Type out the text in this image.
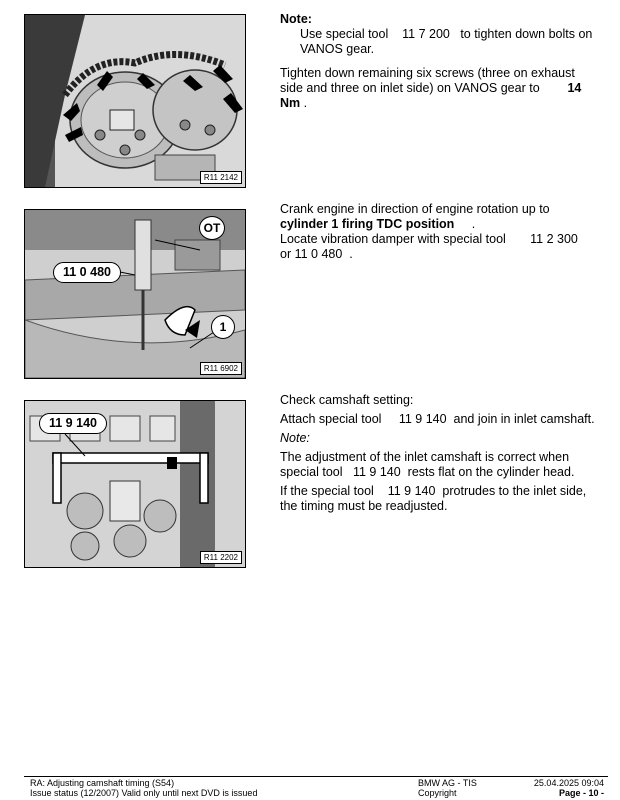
R11 2142

Note:

Use special tool 11 7 200 to tighten down bolts on VANOS gear.

Tighten down remaining six screws (three on exhaust side and three on inlet side) on VANOS gear to 14 Nm .

11 0 480
OT
1
R11 6902

Crank engine in direction of engine rotation up to cylinder 1 firing TDC position .

Locate vibration damper with special tool 11 2 300    or 11 0 480 .

11 9 140
R11 2202

Check camshaft setting:

Attach special tool 11 9 140 and join in inlet camshaft.

Note:

The adjustment of the inlet camshaft is correct when special tool 11 9 140 rests flat on the cylinder head.

If the special tool 11 9 140 protrudes to the inlet side, the timing must be readjusted.

RA: Adjusting camshaft timing (S54)
Issue status (12/2007) Valid only until next DVD is issued
BMW AG - TIS
Copyright
25.04.2025 09:04
Page - 10 -
